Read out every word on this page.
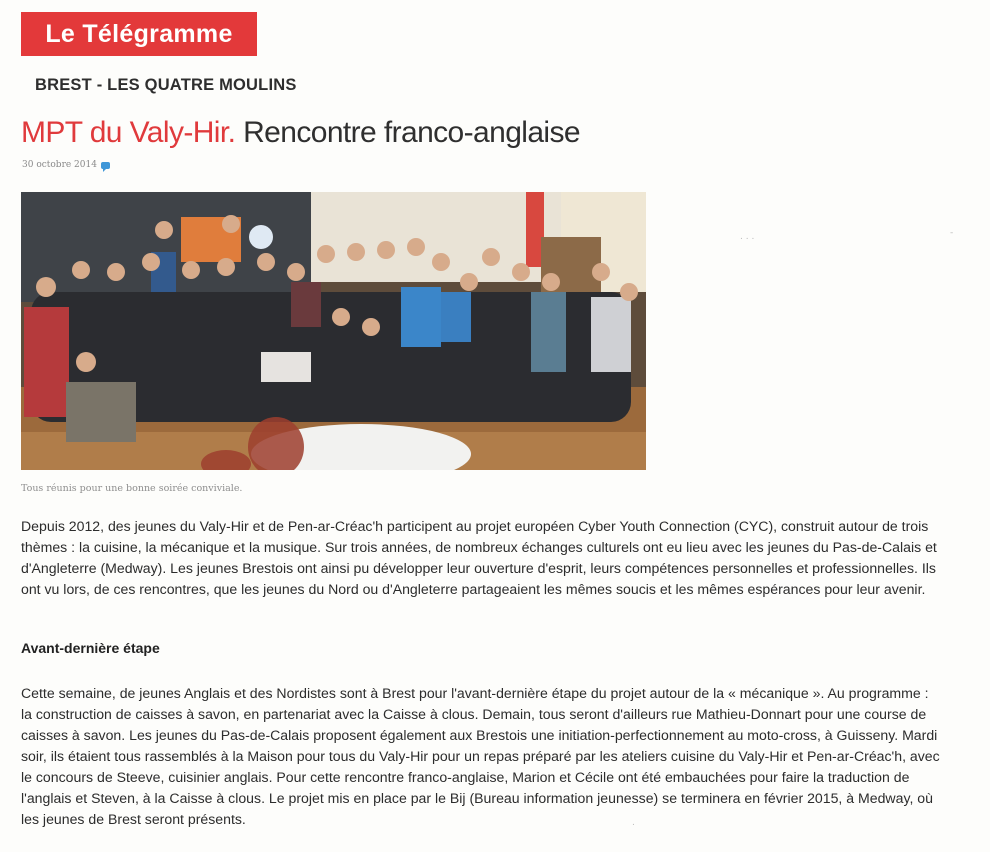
Le Télégramme
BREST - LES QUATRE MOULINS
MPT du Valy-Hir. Rencontre franco-anglaise
30 octobre 2014
Tous réunis pour une bonne soirée conviviale.

Depuis 2012, des jeunes du Valy-Hir et de Pen-ar-Créac'h participent au projet européen Cyber Youth Connection (CYC), construit autour de trois thèmes : la cuisine, la mécanique et la musique. Sur trois années, de nombreux échanges culturels ont eu lieu avec les jeunes du Pas-de-Calais et d'Angleterre (Medway). Les jeunes Brestois ont ainsi pu développer leur ouverture d'esprit, leurs compétences personnelles et professionnelles. Ils ont vu lors, de ces rencontres, que les jeunes du Nord ou d'Angleterre partageaient les mêmes soucis et les mêmes espérances pour leur avenir.

Avant-dernière étape

Cette semaine, de jeunes Anglais et des Nordistes sont à Brest pour l'avant-dernière étape du projet autour de la « mécanique ». Au programme : la construction de caisses à savon, en partenariat avec la Caisse à clous. Demain, tous seront d'ailleurs rue Mathieu-Donnart pour une course de caisses à savon. Les jeunes du Pas-de-Calais proposent également aux Brestois une initiation-perfectionnement au moto-cross, à Guisseny. Mardi soir, ils étaient tous rassemblés à la Maison pour tous du Valy-Hir pour un repas préparé par les ateliers cuisine du Valy-Hir et Pen-ar-Créac'h, avec le concours de Steeve, cuisinier anglais. Pour cette rencontre franco-anglaise, Marion et Cécile ont été embauchées pour faire la traduction de l'anglais et Steven, à la Caisse à clous. Le projet mis en place par le Bij (Bureau information jeunesse) se terminera en février 2015, à Medway, où les jeunes de Brest seront présents.

. . .	-
.
